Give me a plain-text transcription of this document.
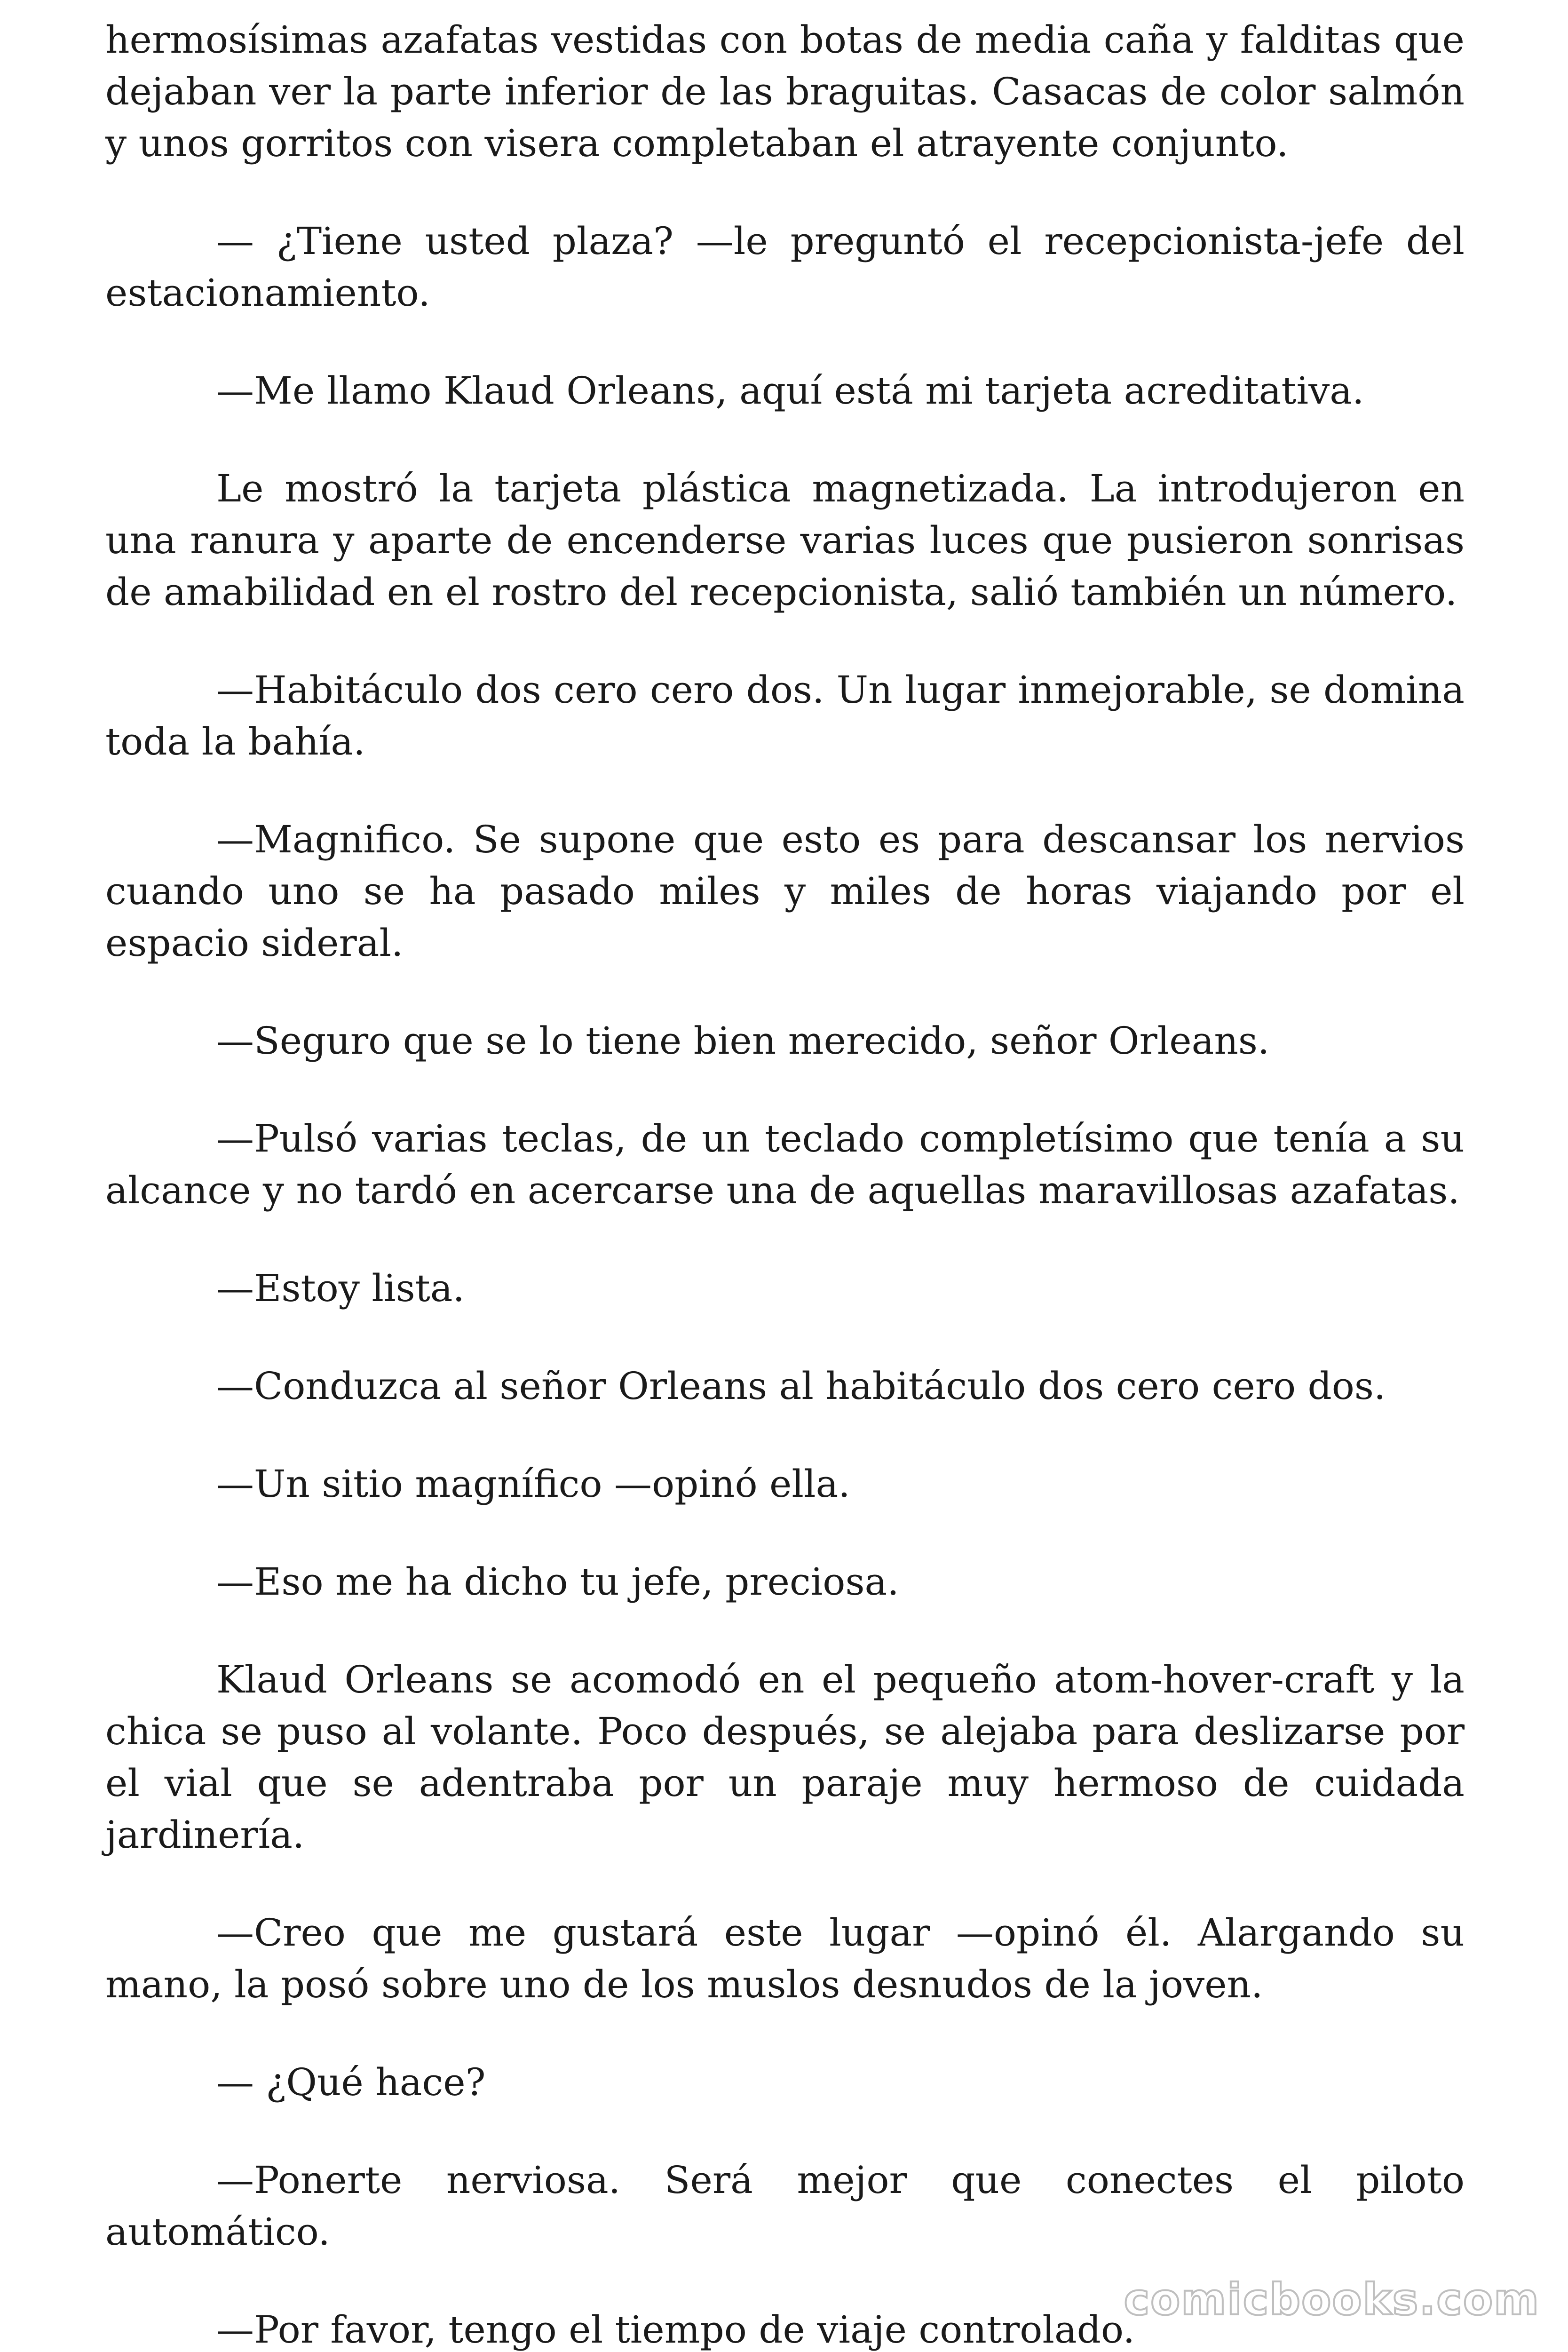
hermosísimas azafatas vestidas con botas de media caña y falditas que dejaban ver la parte inferior de las braguitas. Casacas de color salmón y unos gorritos con visera completaban el atrayente conjunto.

— ¿Tiene usted plaza? —le preguntó el recepcionista-jefe del estacionamiento.

—Me llamo Klaud Orleans, aquí está mi tarjeta acreditativa.

Le mostró la tarjeta plástica magnetizada. La introdujeron en una ranura y aparte de encenderse varias luces que pusieron sonrisas de amabilidad en el rostro del recepcionista, salió también un número.

—Habitáculo dos cero cero dos. Un lugar inmejorable, se domina toda la bahía.

—Magnifico. Se supone que esto es para descansar los nervios cuando uno se ha pasado miles y miles de horas viajando por el espacio sideral.

—Seguro que se lo tiene bien merecido, señor Orleans.

—Pulsó varias teclas, de un teclado completísimo que tenía a su alcance y no tardó en acercarse una de aquellas maravillosas azafatas.

—Estoy lista.

—Conduzca al señor Orleans al habitáculo dos cero cero dos.

—Un sitio magnífico —opinó ella.

—Eso me ha dicho tu jefe, preciosa.

Klaud Orleans se acomodó en el pequeño atom-hover-craft y la chica se puso al volante. Poco después, se alejaba para deslizarse por el vial que se adentraba por un paraje muy hermoso de cuidada jardinería.

—Creo que me gustará este lugar —opinó él. Alargando su mano, la posó sobre uno de los muslos desnudos de la joven.

— ¿Qué hace?

—Ponerte nerviosa. Será mejor que conectes el piloto automático.

—Por favor, tengo el tiempo de viaje controlado.

comicbooks.com
